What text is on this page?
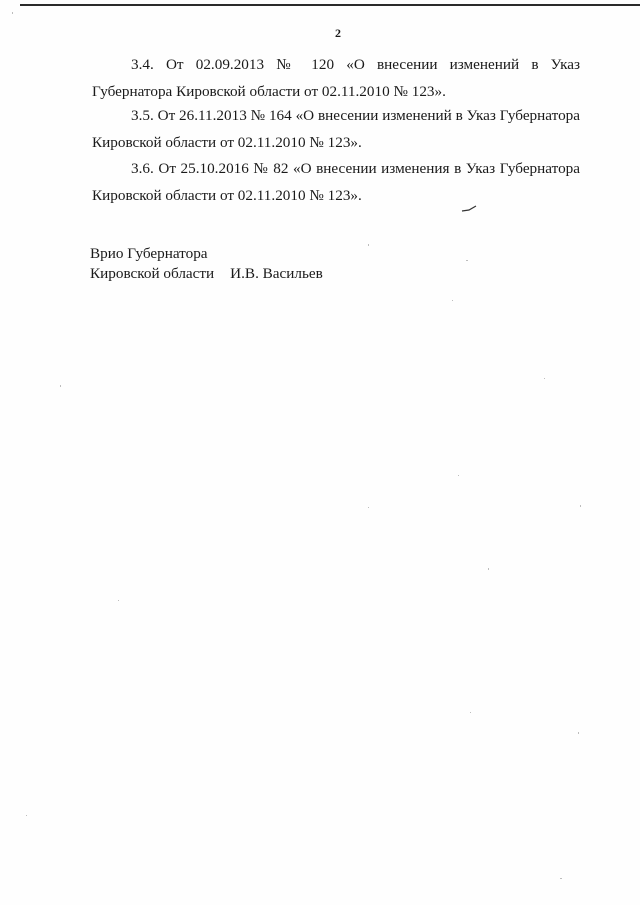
2

3.4. От 02.09.2013 № 120 «О внесении изменений в Указ Губернатора Кировской области от 02.11.2010 № 123».

3.5. От 26.11.2013 № 164 «О внесении изменений в Указ Губернатора Кировской области от 02.11.2010 № 123».

3.6. От 25.10.2016 № 82 «О внесении изменения в Указ Губернатора Кировской области от 02.11.2010 № 123».

Врио Губернатора
Кировской области И.В. Васильев
